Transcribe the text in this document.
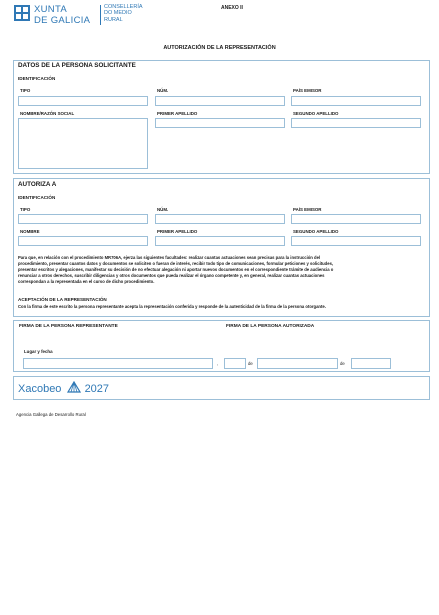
XUNTA
DE GALICIA
CONSELLERÍA
DO MEDIO
RURAL
ANEXO II
AUTORIZACIÓN DE LA REPRESENTACIÓN
DATOS DE LA PERSONA SOLICITANTE
IDENTIFICACIÓN
TIPO	NÚM.	PAÍS EMISOR
NOMBRE/RAZÓN SOCIAL	PRIMER APELLIDO	SEGUNDO APELLIDO
AUTORIZA A
IDENTIFICACIÓN
TIPO	NÚM.	PAÍS EMISOR
NOMBRE	PRIMER APELLIDO	SEGUNDO APELLIDO
Para que, en relación con el procedimiento MR706A, ejerza las siguientes facultades: realizar cuantas actuaciones sean precisas para la instrucción del
procedimiento, presentar cuantos datos y documentos se soliciten o fueran de interés, recibir todo tipo de comunicaciones, formular peticiones y solicitudes,
presentar escritos y alegaciones, manifestar su decisión de no efectuar alegación ni aportar nuevos documentos en el correspondiente trámite de audiencia o
renunciar a otros derechos, suscribir diligencias y otros documentos que pueda realizar el órgano competente y, en general, realizar cuantas actuaciones
correspondan a la representada en el curso de dicho procedimiento.
ACEPTACIÓN DE LA REPRESENTACIÓN
Con la firma de este escrito la persona representante acepta la representación conferida y responde de la autenticidad de la firma de la persona otorgante.
FIRMA DE LA PERSONA REPRESENTANTE	FIRMA DE LA PERSONA AUTORIZADA
Lugar y fecha
,	de	de
Xacobeo 2027
Agencia Gallega de Desarrollo Rural
